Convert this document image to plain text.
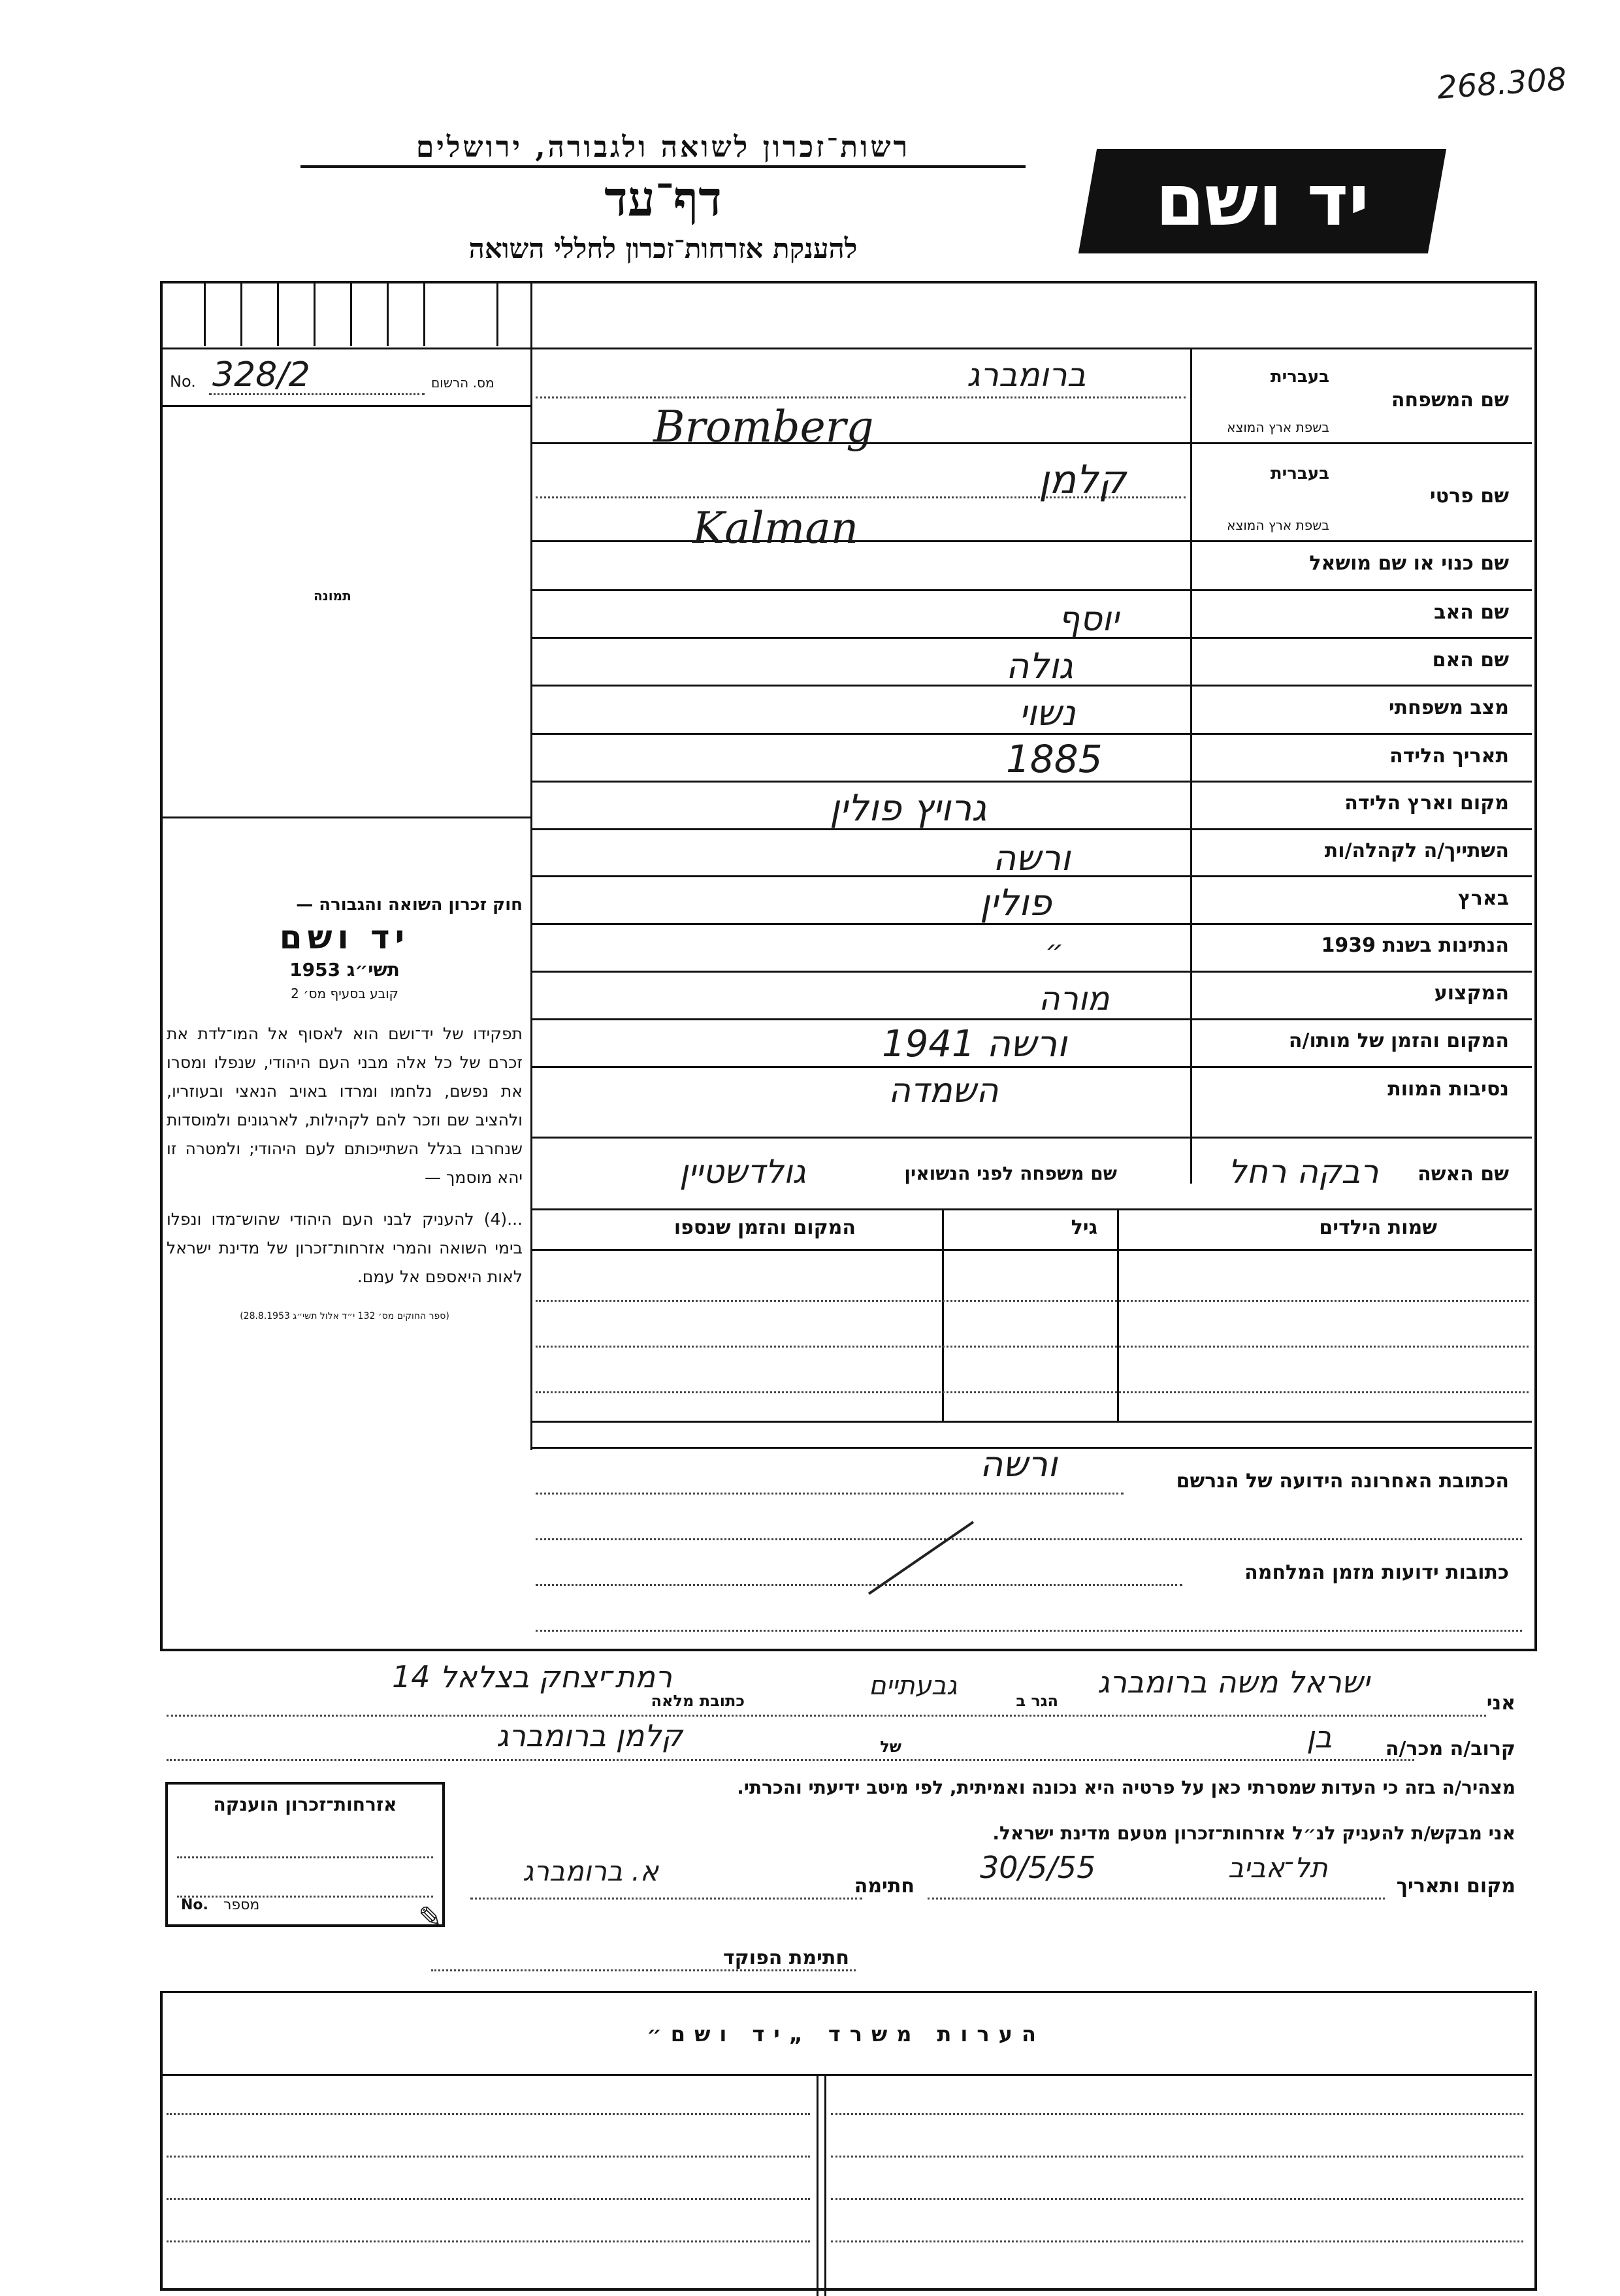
268.308
יד ושם
רשות־זכרון לשואה ולגבורה, ירושלים
דף־עד
להענקת אזרחות־זכרון לחללי השואה
No. 328/2	מס. הרשום
תמונה
חוק זכרון השואה והגבורה —
יד ושם
תשי״ג 1953
קובע בסעיף מס׳ 2
תפקידו של יד־ושם הוא לאסוף אל המו־לדת את זכרם של כל אלה מבני העם היהודי, שנפלו ומסרו את נפשם, נלחמו ומרדו באויב הנאצי ובעוזריו, ולהציב שם וזכר להם לקהילות, לארגונים ולמוסדות שנחרבו בגלל השתייכותם לעם היהודי; ולמטרה זו יהא מוסמך —
...(4) להעניק לבני העם היהודי שהוש־מדו ונפלו בימי השואה והמרי אזרחות־זכרון של מדינת ישראל לאות היאספם אל עמם.
(ספר החוקים מס׳ 132 י״ד אלול תשי״ג 28.8.1953)
שם המשפחה
בעברית
בשפת ארץ המוצא
ברומברג
Bromberg
שם פרטי
בעברית
בשפת ארץ המוצא
קלמן
Kalman
שם כנוי או שם מושאל
שם האב
יוסף
שם האם
גולה
מצב משפחתי
נשוי
תאריך הלידה
1885
מקום וארץ הלידה
גרויץ פולין
השתייך/ה לקהלה/ות
ורשה
בארץ
פולין
הנתינות בשנת 1939
״
המקצוע
מורה
המקום והזמן של מותו/ה
ורשה 1941
נסיבות המוות
השמדה
שם האשה
רבקה רחל
שם משפחה לפני הנשואין
גולדשטיין
שמות הילדים
גיל
המקום והזמן שנספו
הכתובת האחרונה הידועה של הנרשם
ורשה
כתובות ידועות מזמן המלחמה
אני
ישראל משה ברומברג
הגר ב
גבעתיים
כתובת מלאה
רמת־יצחק בצלאל 14
קרוב/ה מכר/ה
בן
של
קלמן ברומברג
מצהיר/ה בזה כי העדות שמסרתי כאן על פרטיה היא נכונה ואמיתית, לפי מיטב ידיעתי והכרתי.
אני מבקש/ת להעניק לנ״ל אזרחות־זכרון מטעם מדינת ישראל.
מקום ותאריך
תל־אביב
30/5/55
חתימה
א. ברומברג
✎
חתימת הפוקד
אזרחות־זכרון הוענקה
No. מספר
הערות משרד „יד ושם״
